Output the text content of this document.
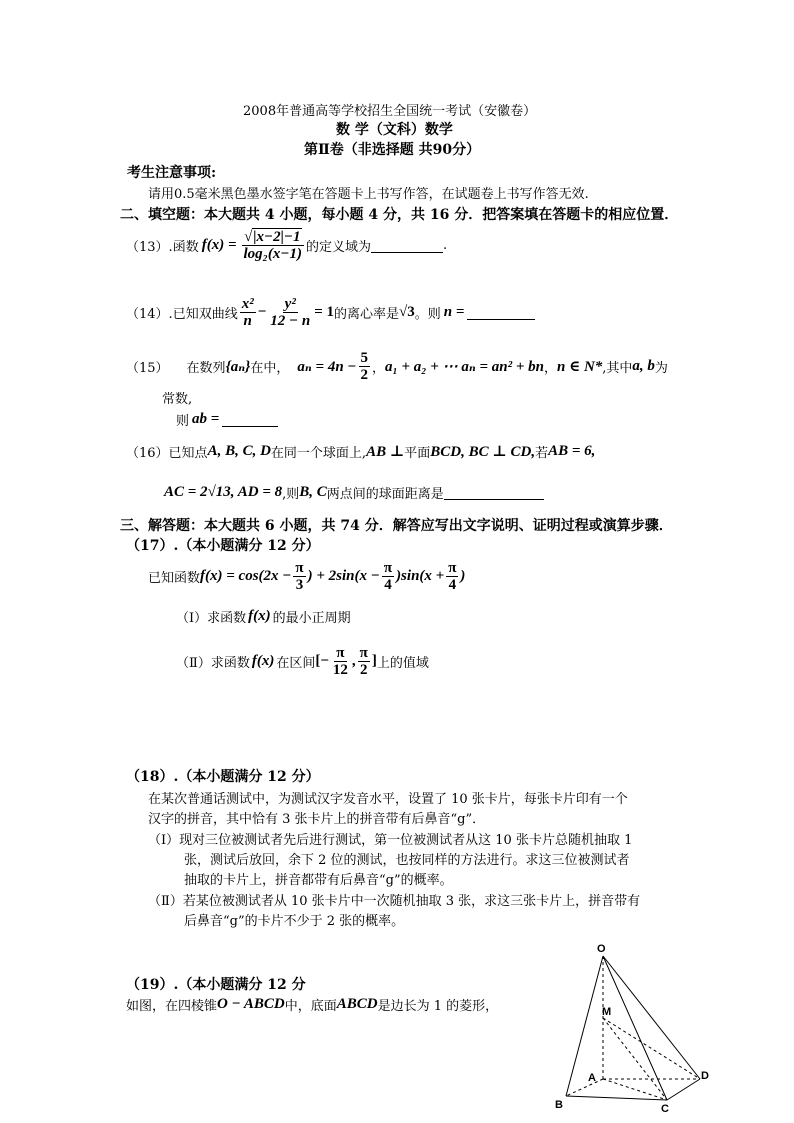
2008年普通高等学校招生全国统一考试（安徽卷）
数 学（文科）数学
第Ⅱ卷（非选择题 共90分）
考生注意事项:
请用0.5毫米黑色墨水签字笔在答题卡上书写作答，在试题卷上书写作答无效.
二、填空题：本大题共 4 小题，每小题 4 分，共 16 分．把答案填在答题卡的相应位置．
（13）. 函数 $f(x) = \frac{√|x-2|-1}{\text{log₂(x−1)}}$ 的定义域为	.
（14）. 已知双曲线 $\frac{\text{x²}}{n} - \frac{\text{y²}}{12 - n} = 1$ 的离心率是 √3 。则 n =
（15） 在数列 {aₙ} 在中， $a_n = 4n - \frac{5}{2}$ ， a₁ + a₂ + ⋯ aₙ = an² + bn ， n ∈ N* ,其中 a, b 为
常数,
则 ab =
（16） 已知点 A, B, C, D 在同一个球面上, AB ⊥ 平面 BCD, BC ⊥ CD, 若 AB = 6,
AC = 2√13, AD = 8 ,则 B, C 两点间的球面距离是
三、解答题：本大题共 6 小题，共 74 分．解答应写出文字说明、证明过程或演算步骤．
（17）.（本小题满分 12 分）
已知函数 $f(x) = \cos(2x - \frac{\pi}{3}$ ) + $2\sin(x - \frac{\pi}{4} )\sin(x + \frac{\pi}{4}$ )
（Ⅰ）求函数 f(x) 的最小正周期
（Ⅱ）求函数 f(x) 在区间 [− $\frac{\pi}{12}$ , $\frac{\pi}{2}$ ] 上的值域
（18）.（本小题满分 12 分）
在某次普通话测试中，为测试汉字发音水平，设置了 10 张卡片，每张卡片印有一个
汉字的拼音，其中恰有 3 张卡片上的拼音带有后鼻音“g”．
（Ⅰ）现对三位被测试者先后进行测试，第一位被测试者从这 10 张卡片总随机抽取 1
张，测试后放回，余下 2 位的测试，也按同样的方法进行。求这三位被测试者
抽取的卡片上，拼音都带有后鼻音“g”的概率。
（Ⅱ）若某位被测试者从 10 张卡片中一次随机抽取 3 张，求这三张卡片上，拼音带有
后鼻音“g”的卡片不少于 2 张的概率。
（19）.（本小题满分 12 分
如图，在四棱锥 O − ABCD 中，底面 ABCD 是边长为 1 的菱形，
O
M
A
B	C
D
